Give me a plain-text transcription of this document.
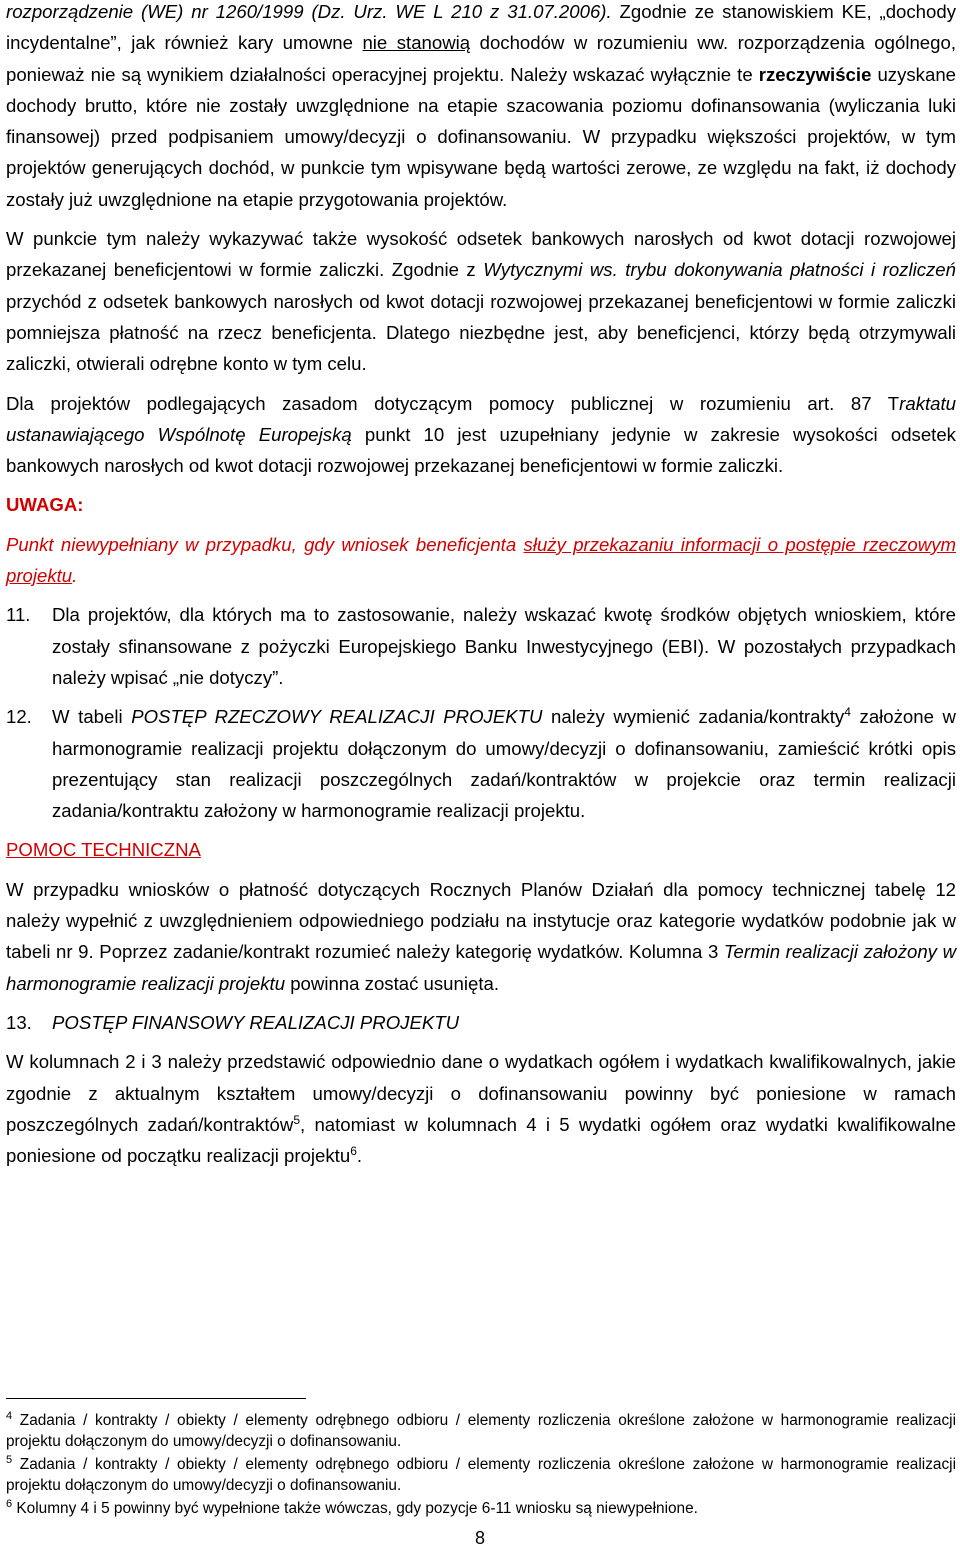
rozporządzenie (WE) nr 1260/1999 (Dz. Urz. WE L 210 z 31.07.2006). Zgodnie ze stanowiskiem KE, „dochody incydentalne”, jak również kary umowne nie stanowią dochodów w rozumieniu ww. rozporządzenia ogólnego, ponieważ nie są wynikiem działalności operacyjnej projektu. Należy wskazać wyłącznie te rzeczywiście uzyskane dochody brutto, które nie zostały uwzględnione na etapie szacowania poziomu dofinansowania (wyliczania luki finansowej) przed podpisaniem umowy/decyzji o dofinansowaniu. W przypadku większości projektów, w tym projektów generujących dochód, w punkcie tym wpisywane będą wartości zerowe, ze względu na fakt, iż dochody zostały już uwzględnione na etapie przygotowania projektów.

W punkcie tym należy wykazywać także wysokość odsetek bankowych narosłych od kwot dotacji rozwojowej przekazanej beneficjentowi w formie zaliczki. Zgodnie z Wytycznymi ws. trybu dokonywania płatności i rozliczeń przychód z odsetek bankowych narosłych od kwot dotacji rozwojowej przekazanej beneficjentowi w formie zaliczki pomniejsza płatność na rzecz beneficjenta. Dlatego niezbędne jest, aby beneficjenci, którzy będą otrzymywali zaliczki, otwierali odrębne konto w tym celu.

Dla projektów podlegających zasadom dotyczącym pomocy publicznej w rozumieniu art. 87 Traktatu ustanawiającego Wspólnotę Europejską punkt 10 jest uzupełniany jedynie w zakresie wysokości odsetek bankowych narosłych od kwot dotacji rozwojowej przekazanej beneficjentowi w formie zaliczki.

UWAGA:

Punkt niewypełniany w przypadku, gdy wniosek beneficjenta służy przekazaniu informacji o postępie rzeczowym projektu.

11.	Dla projektów, dla których ma to zastosowanie, należy wskazać kwotę środków objętych wnioskiem, które zostały sfinansowane z pożyczki Europejskiego Banku Inwestycyjnego (EBI). W pozostałych przypadkach należy wpisać „nie dotyczy”.

12.	W tabeli POSTĘP RZECZOWY REALIZACJI PROJEKTU należy wymienić zadania/kontrakty$^4$ założone w harmonogramie realizacji projektu dołączonym do umowy/decyzji o dofinansowaniu, zamieścić krótki opis prezentujący stan realizacji poszczególnych zadań/kontraktów w projekcie oraz termin realizacji zadania/kontraktu założony w harmonogramie realizacji projektu.

POMOC TECHNICZNA

W przypadku wniosków o płatność dotyczących Rocznych Planów Działań dla pomocy technicznej tabelę 12 należy wypełnić z uwzględnieniem odpowiedniego podziału na instytucje oraz kategorie wydatków podobnie jak w tabeli nr 9. Poprzez zadanie/kontrakt rozumieć należy kategorię wydatków. Kolumna 3 Termin realizacji założony w harmonogramie realizacji projektu powinna zostać usunięta.

13.	POSTĘP FINANSOWY REALIZACJI PROJEKTU

W kolumnach 2 i 3 należy przedstawić odpowiednio dane o wydatkach ogółem i wydatkach kwalifikowalnych, jakie zgodnie z aktualnym kształtem umowy/decyzji o dofinansowaniu powinny być poniesione w ramach poszczególnych zadań/kontraktów$^5$, natomiast w kolumnach 4 i 5 wydatki ogółem oraz wydatki kwalifikowalne poniesione od początku realizacji projektu$^6$.

$^4$ Zadania / kontrakty / obiekty / elementy odrębnego odbioru / elementy rozliczenia określone założone w harmonogramie realizacji projektu dołączonym do umowy/decyzji o dofinansowaniu.

$^5$ Zadania / kontrakty / obiekty / elementy odrębnego odbioru / elementy rozliczenia określone założone w harmonogramie realizacji projektu dołączonym do umowy/decyzji o dofinansowaniu.

$^6$ Kolumny 4 i 5 powinny być wypełnione także wówczas, gdy pozycje 6-11 wniosku są niewypełnione.

8
